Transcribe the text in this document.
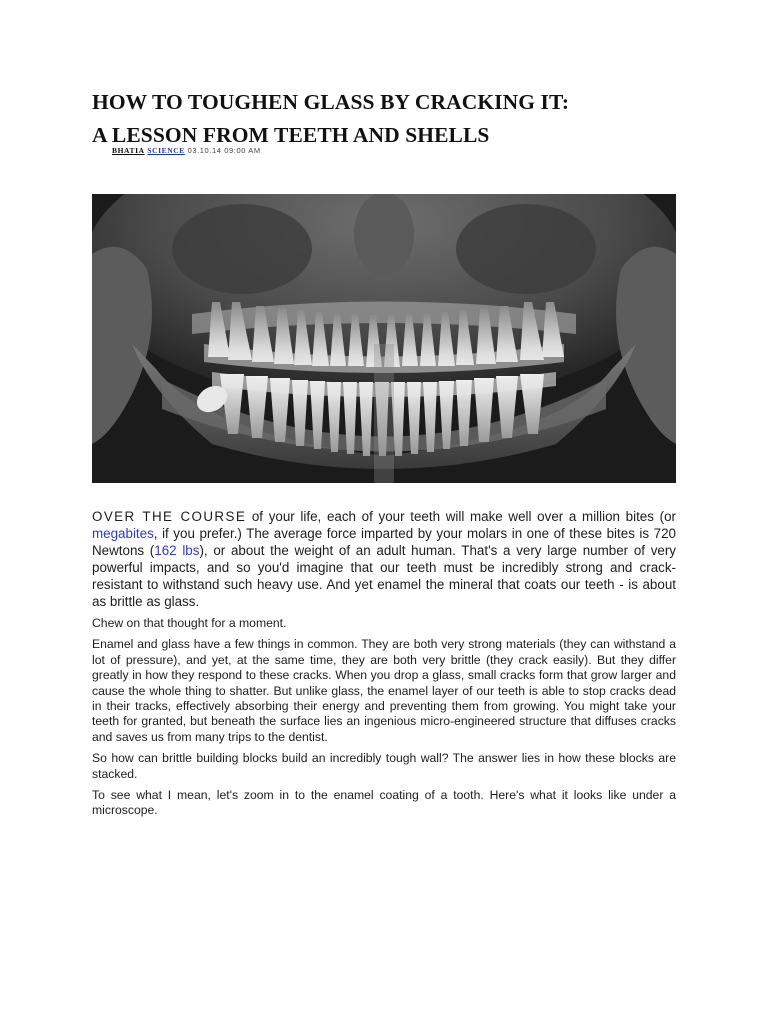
HOW TO TOUGHEN GLASS BY CRACKING IT:
A LESSON FROM TEETH AND SHELLS
BHATIA SCIENCE 03.10.14 09:00 AM

OVER THE COURSE of your life, each of your teeth will make well over a million bites (or megabites, if you prefer.) The average force imparted by your molars in one of these bites is 720 Newtons (162 lbs), or about the weight of an adult human. That's a very large number of very powerful impacts, and so you'd imagine that our teeth must be incredibly strong and crack-resistant to withstand such heavy use. And yet enamel the mineral that coats our teeth - is about as brittle as glass.

Chew on that thought for a moment.

Enamel and glass have a few things in common. They are both very strong materials (they can withstand a lot of pressure), and yet, at the same time, they are both very brittle (they crack easily). But they differ greatly in how they respond to these cracks. When you drop a glass, small cracks form that grow larger and cause the whole thing to shatter. But unlike glass, the enamel layer of our teeth is able to stop cracks dead in their tracks, effectively absorbing their energy and preventing them from growing. You might take your teeth for granted, but beneath the surface lies an ingenious micro-engineered structure that diffuses cracks and saves us from many trips to the dentist.

So how can brittle building blocks build an incredibly tough wall? The answer lies in how these blocks are stacked.

To see what I mean, let's zoom in to the enamel coating of a tooth. Here's what it looks like under a microscope.
